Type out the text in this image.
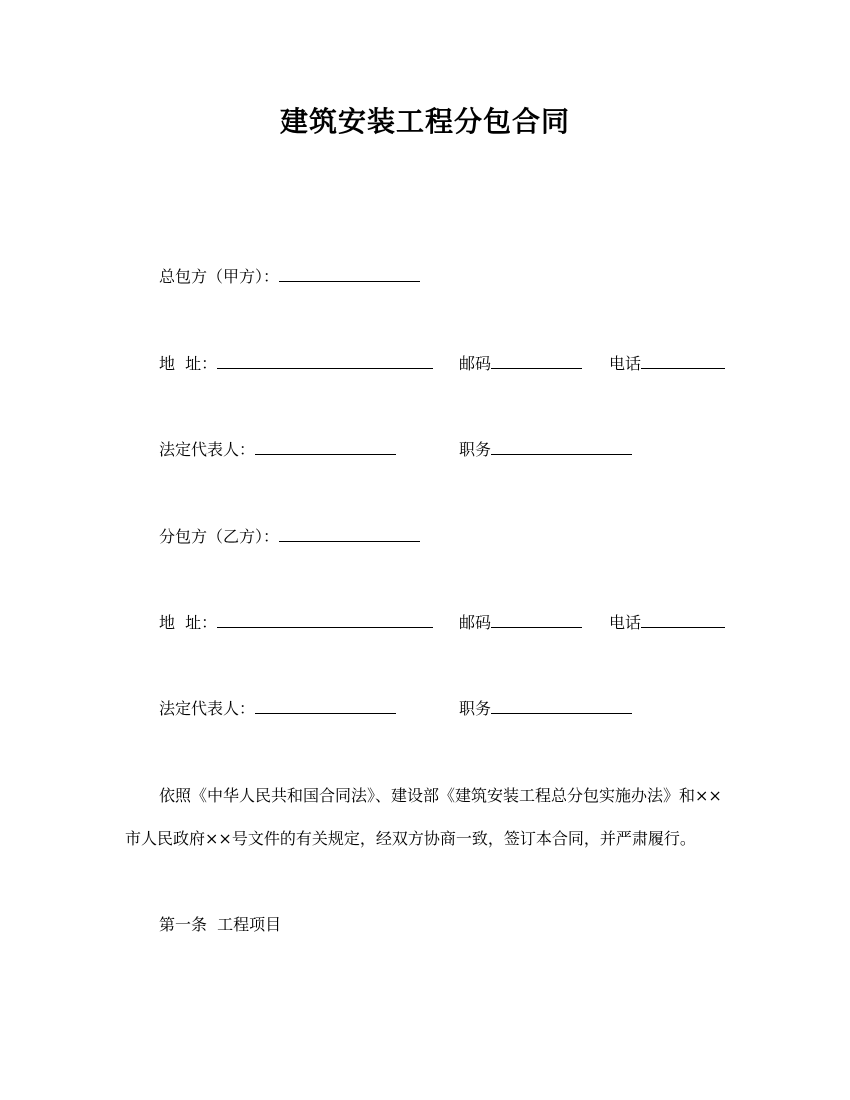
建筑安装工程分包合同
总包方（甲方）：
地  址：	邮码	电话
法定代表人：	职务
分包方（乙方）：
地  址：	邮码	电话
法定代表人：	职务
依照《中华人民共和国合同法》、建设部《建筑安装工程总分包实施办法》和××
市人民政府××号文件的有关规定，经双方协商一致，签订本合同，并严肃履行。
第一条  工程项目
